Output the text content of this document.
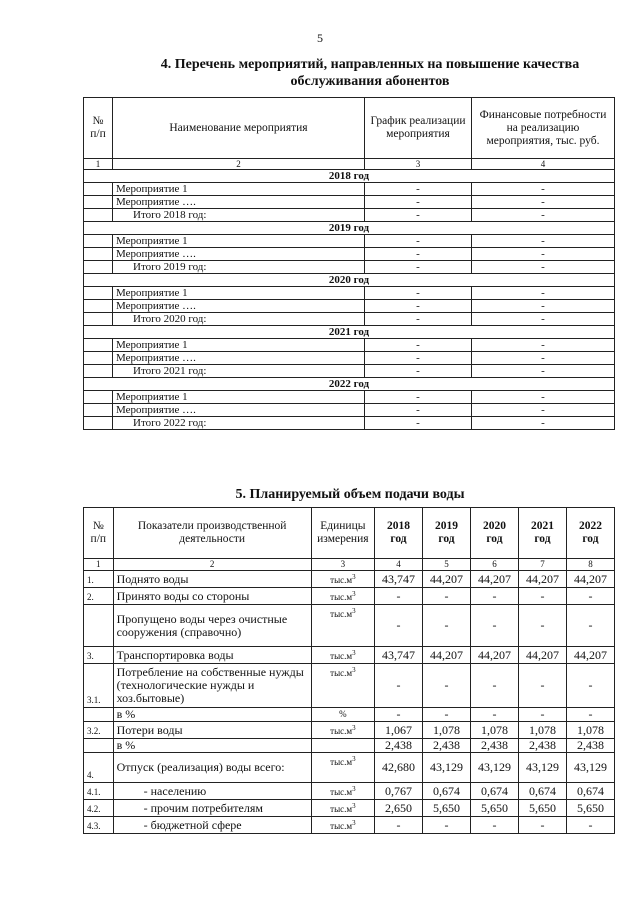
5
4. Перечень мероприятий, направленных на повышение качества
обслуживания абонентов
№ п/п	Наименование мероприятия	График реализации мероприятия	Финансовые потребности на реализацию мероприятия, тыс. руб.
1	2	3	4
2018 год			
	Мероприятие 1	-	-
	Мероприятие ….	-	-
	Итого 2018 год:	-	-
2019 год			
	Мероприятие 1	-	-
	Мероприятие ….	-	-
	Итого 2019 год:	-	-
2020 год			
	Мероприятие 1	-	-
	Мероприятие ….	-	-
	Итого 2020 год:	-	-
2021 год			
	Мероприятие 1	-	-
	Мероприятие ….	-	-
	Итого 2021 год:	-	-
2022 год			
	Мероприятие 1	-	-
	Мероприятие ….	-	-
	Итого 2022 год:	-	-
5. Планируемый объем подачи воды
№ п/п	Показатели производственной деятельности	Единицы измерения	2018 год	2019 год	2020 год	2021 год	2022 год
1	2	3	4	5	6	7	8
1.	Поднято воды	$тыс.м^3$	43,747	44,207	44,207	44,207	44,207
2.	Принято воды со стороны	$тыс.м^3$	-	-	-	-	-
	Пропущено воды через очистные сооружения (справочно)	$тыс.м^3$	-	-	-	-	-
3.	Транспортировка воды	$тыс.м^3$	43,747	44,207	44,207	44,207	44,207
3.1.	Потребление на собственные нужды (технологические нужды и хоз.бытовые)	$тыс.м^3$	-	-	-	-	-
	в %	%	-	-	-	-	-
3.2.	Потери воды	$тыс.м^3$	1,067	1,078	1,078	1,078	1,078
	в %		2,438	2,438	2,438	2,438	2,438
4.	Отпуск (реализация) воды всего:	$тыс.м^3$	42,680	43,129	43,129	43,129	43,129
4.1.	- населению	$тыс.м^3$	0,767	0,674	0,674	0,674	0,674
4.2.	- прочим потребителям	$тыс.м^3$	2,650	5,650	5,650	5,650	5,650
4.3.	- бюджетной сфере	$тыс.м^3$	-	-	-	-	-
